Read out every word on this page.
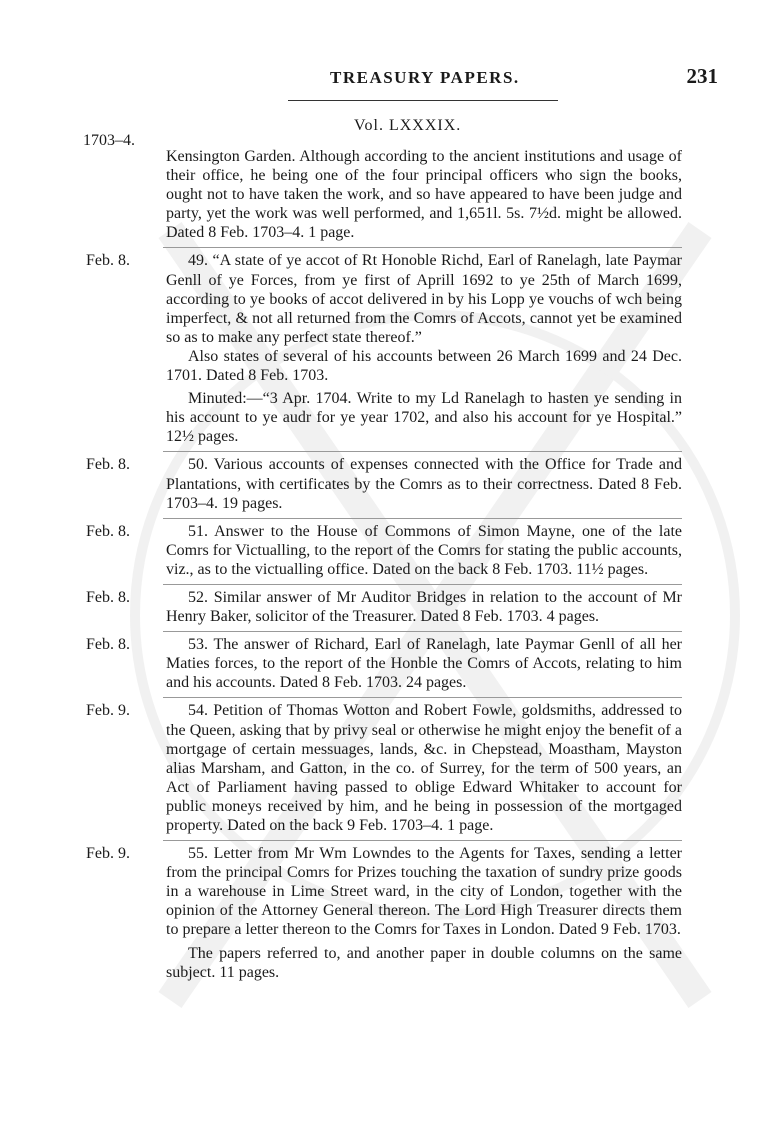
TREASURY PAPERS.	231
Vol. LXXXIX.
1703–4.

Kensington Garden. Although according to the ancient institutions and usage of their office, he being one of the four principal officers who sign the books, ought not to have taken the work, and so have appeared to have been judge and party, yet the work was well performed, and 1,651l. 5s. 7½d. might be allowed. Dated 8 Feb. 1703–4. 1 page.

Feb. 8.	49. “A state of ye accot of Rt Honoble Richd, Earl of Ranelagh, late Paymar Genll of ye Forces, from ye first of Aprill 1692 to ye 25th of March 1699, according to ye books of accot delivered in by his Lopp ye vouchs of wch being imperfect, & not all returned from the Comrs of Accots, cannot yet be examined so as to make any perfect state thereof.”

Also states of several of his accounts between 26 March 1699 and 24 Dec. 1701. Dated 8 Feb. 1703.

Minuted:—“3 Apr. 1704. Write to my Ld Ranelagh to hasten ye sending in his account to ye audr for ye year 1702, and also his account for ye Hospital.” 12½ pages.

Feb. 8.	50. Various accounts of expenses connected with the Office for Trade and Plantations, with certificates by the Comrs as to their correctness. Dated 8 Feb. 1703–4. 19 pages.

Feb. 8.	51. Answer to the House of Commons of Simon Mayne, one of the late Comrs for Victualling, to the report of the Comrs for stating the public accounts, viz., as to the victualling office. Dated on the back 8 Feb. 1703. 11½ pages.

Feb. 8.	52. Similar answer of Mr Auditor Bridges in relation to the account of Mr Henry Baker, solicitor of the Treasurer. Dated 8 Feb. 1703. 4 pages.

Feb. 8.	53. The answer of Richard, Earl of Ranelagh, late Paymar Genll of all her Maties forces, to the report of the Honble the Comrs of Accots, relating to him and his accounts. Dated 8 Feb. 1703. 24 pages.

Feb. 9.	54. Petition of Thomas Wotton and Robert Fowle, goldsmiths, addressed to the Queen, asking that by privy seal or otherwise he might enjoy the benefit of a mortgage of certain messuages, lands, &c. in Chepstead, Moastham, Mayston alias Marsham, and Gatton, in the co. of Surrey, for the term of 500 years, an Act of Parliament having passed to oblige Edward Whitaker to account for public moneys received by him, and he being in possession of the mortgaged property. Dated on the back 9 Feb. 1703–4. 1 page.

Feb. 9.	55. Letter from Mr Wm Lowndes to the Agents for Taxes, sending a letter from the principal Comrs for Prizes touching the taxation of sundry prize goods in a warehouse in Lime Street ward, in the city of London, together with the opinion of the Attorney General thereon. The Lord High Treasurer directs them to prepare a letter thereon to the Comrs for Taxes in London. Dated 9 Feb. 1703.

The papers referred to, and another paper in double columns on the same subject. 11 pages.
